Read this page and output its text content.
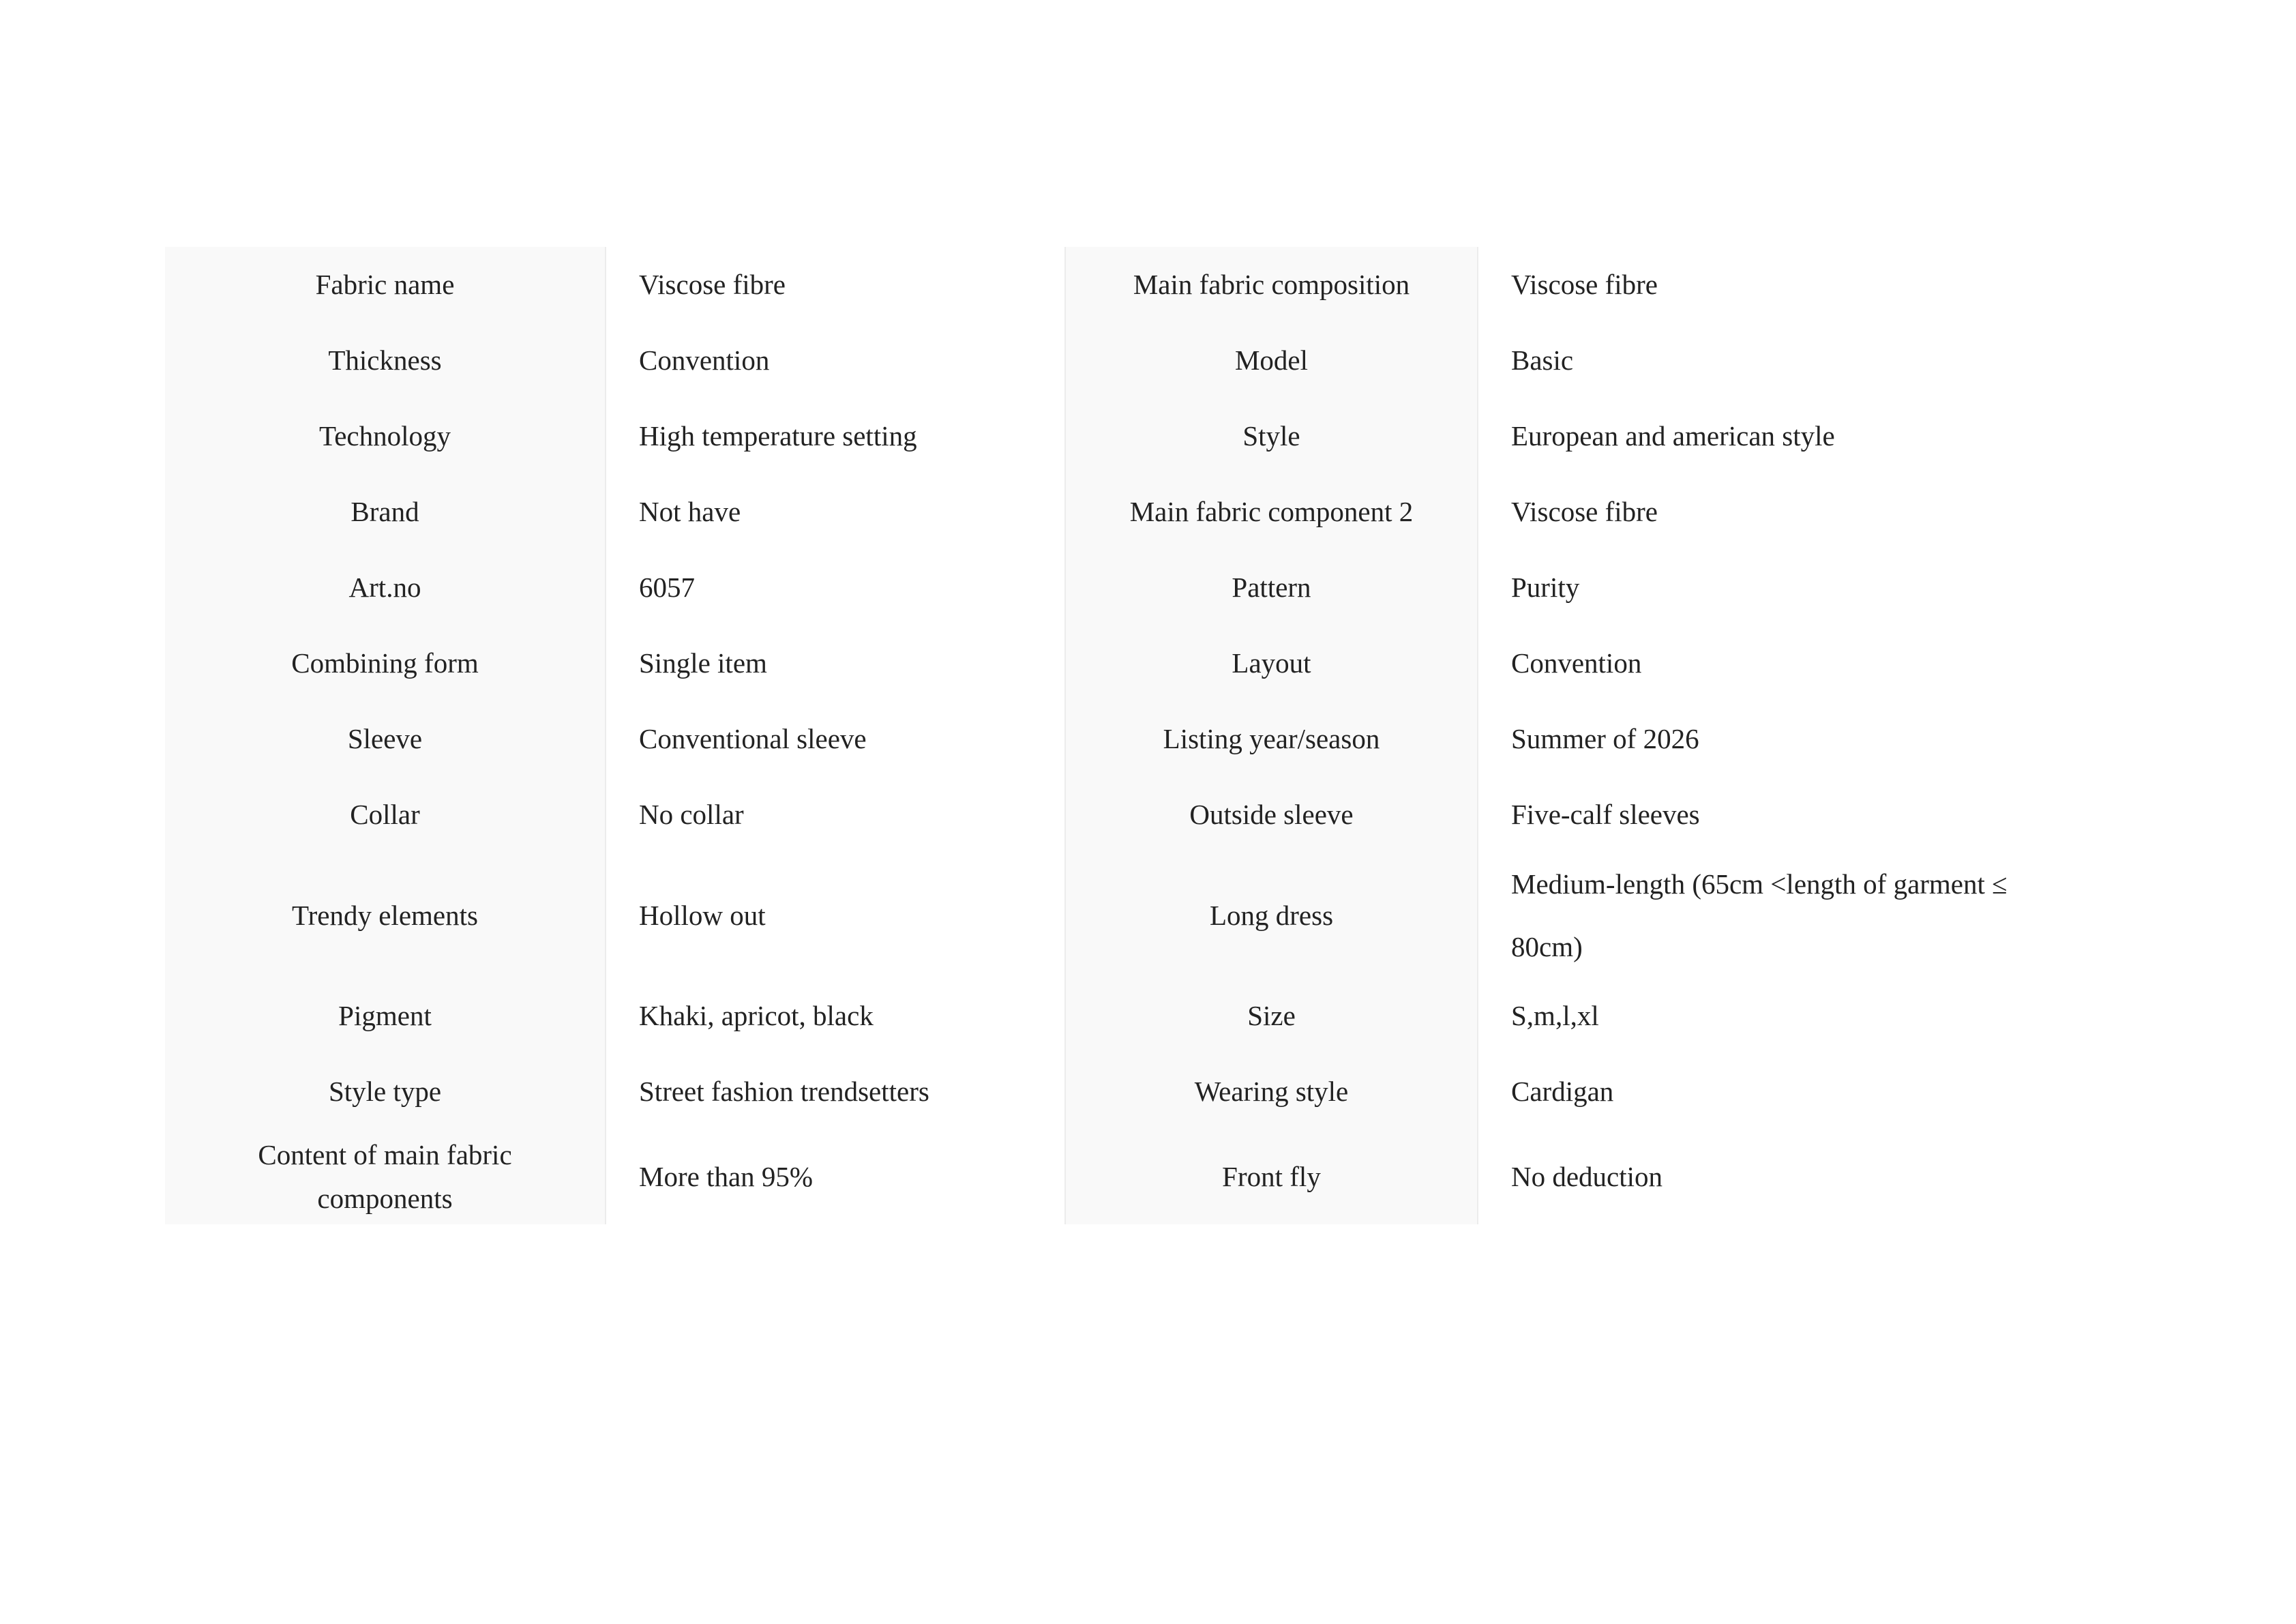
Fabric name	Viscose fibre	Main fabric composition	Viscose fibre
Thickness	Convention	Model	Basic
Technology	High temperature setting	Style	European and american style
Brand	Not have	Main fabric component 2	Viscose fibre
Art.no	6057	Pattern	Purity
Combining form	Single item	Layout	Convention
Sleeve	Conventional sleeve	Listing year/season	Summer of 2026
Collar	No collar	Outside sleeve	Five-calf sleeves
Trendy elements	Hollow out	Long dress	Medium-length (65cm <length of garment ≤ 80cm)
Pigment	Khaki, apricot, black	Size	S,m,l,xl
Style type	Street fashion trendsetters	Wearing style	Cardigan
Content of main fabric components	More than 95%	Front fly	No deduction
